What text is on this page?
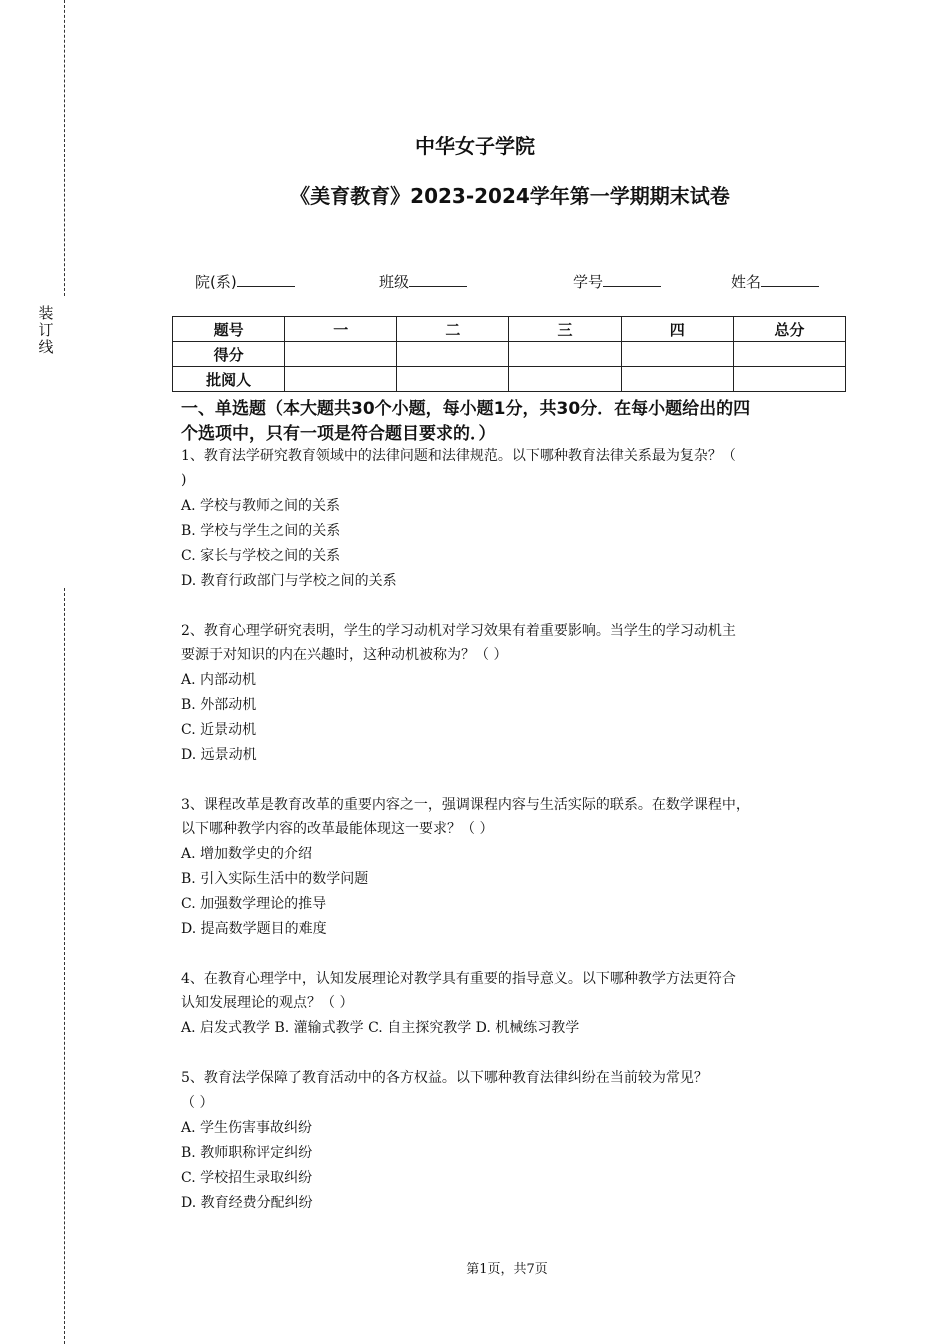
装
订
线
中华女子学院
《美育教育》2023-2024学年第一学期期末试卷
院(系)	班级	学号	姓名
题号	一	二	三	四	总分
得分					
批阅人					
一、单选题（本大题共30个小题，每小题1分，共30分．在每小题给出的四
个选项中，只有一项是符合题目要求的．）
1、教育法学研究教育领域中的法律问题和法律规范。以下哪种教育法律关系最为复杂？（
)
A. 学校与教师之间的关系
B. 学校与学生之间的关系
C. 家长与学校之间的关系
D. 教育行政部门与学校之间的关系
2、教育心理学研究表明，学生的学习动机对学习效果有着重要影响。当学生的学习动机主
要源于对知识的内在兴趣时，这种动机被称为？（ ）
A. 内部动机
B. 外部动机
C. 近景动机
D. 远景动机
3、课程改革是教育改革的重要内容之一，强调课程内容与生活实际的联系。在数学课程中，
以下哪种教学内容的改革最能体现这一要求？（ ）
A. 增加数学史的介绍
B. 引入实际生活中的数学问题
C. 加强数学理论的推导
D. 提高数学题目的难度
4、在教育心理学中，认知发展理论对教学具有重要的指导意义。以下哪种教学方法更符合
认知发展理论的观点？（ ）
A. 启发式教学 B. 灌输式教学 C. 自主探究教学 D. 机械练习教学
5、教育法学保障了教育活动中的各方权益。以下哪种教育法律纠纷在当前较为常见？
（ ）
A. 学生伤害事故纠纷
B. 教师职称评定纠纷
C. 学校招生录取纠纷
D. 教育经费分配纠纷
第1页，共7页
